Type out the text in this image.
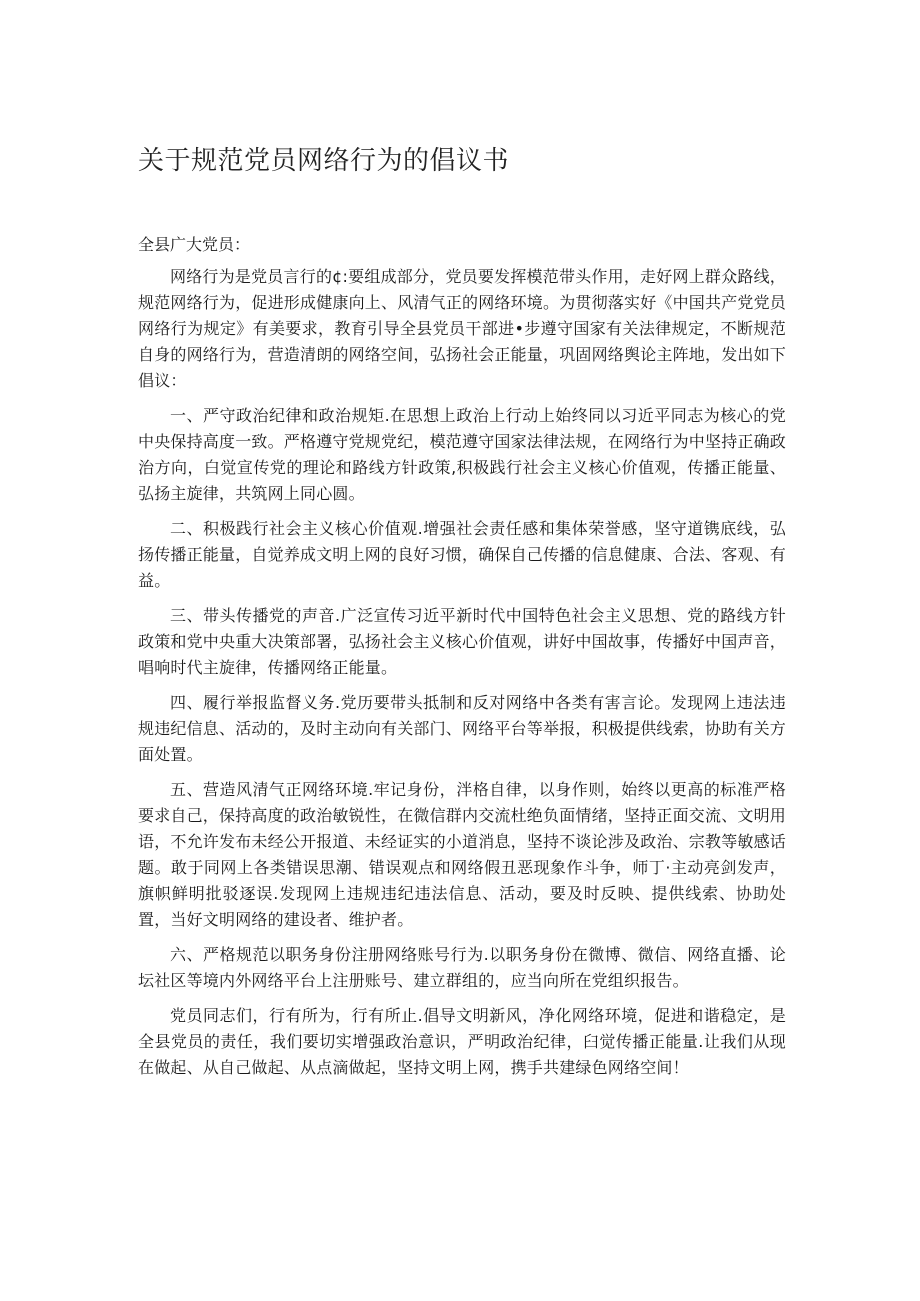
关于规范党员网络行为的倡议书

全县广大党员：

网络行为是党员言行的¢:要组成部分，党员要发挥模范带头作用，走好网上群众路线，规范网络行为，促进形成健康向上、风清气正的网络环境。为贯彻落实好《中国共产党党员网络行为规定》有美要求，教育引导全县党员干部进•步遵守国家有关法律规定，不断规范自身的网络行为，营造清朗的网络空间，弘扬社会正能量，巩固网络舆论主阵地，发出如下倡议：

一、严守政治纪律和政治规矩.在思想上政治上行动上始终同以习近平同志为核心的党中央保持高度一致。严格遵守党规党纪，模范遵守国家法律法规，在网络行为中坚持正确政治方向，白觉宣传党的理论和路线方针政策,积极践行社会主义核心价值观，传播正能量、弘扬主旋律，共筑网上同心圆。

二、积极践行社会主义核心价值观.增强社会责任感和集体荣誉感，坚守道镌底线，弘扬传播正能量，自觉养成文明上网的良好习惯，确保自己传播的信息健康、合法、客观、有益。

三、带头传播党的声音.广泛宣传习近平新时代中国特色社会主义思想、党的路线方针政策和党中央重大决策部署，弘扬社会主义核心价值观，讲好中国故事，传播好中国声音，唱响时代主旋律，传播网络正能量。

四、履行举报监督义务.党历要带头抵制和反对网络中各类有害言论。发现网上违法违规违纪信息、活动的，及时主动向有关部门、网络平台等举报，积极提供线索，协助有关方面处置。

五、营造风清气正网络环境.牢记身份，泮格自律，以身作则，始终以更高的标准严格要求自己，保持高度的政治敏锐性，在微信群内交流杜绝负面情绪，坚持正面交流、文明用语，不允许发布未经公开报道、未经证实的小道消息，坚持不谈论涉及政治、宗教等敏感话题。敢于同网上各类错误思潮、错误观点和网络假丑恶现象作斗争，师丁·主动亮剑发声，旗帜鲜明批驳逐误.发现网上违规违纪违法信息、活动，要及时反映、提供线索、协助处置，当好文明网络的建设者、维护者。

六、严格规范以职务身份注册网络账号行为.以职务身份在微博、微信、网络直播、论坛社区等境内外网络平台上注册账号、建立群组的，应当向所在党组织报告。

党员同志们，行有所为，行有所止.倡导文明新风，净化网络环境，促进和谐稳定，是全县党员的责任，我们要切实增强政治意识，严明政治纪律，臼觉传播正能量.让我们从现在做起、从自己做起、从点滴做起，坚持文明上网，携手共建绿色网络空间！
